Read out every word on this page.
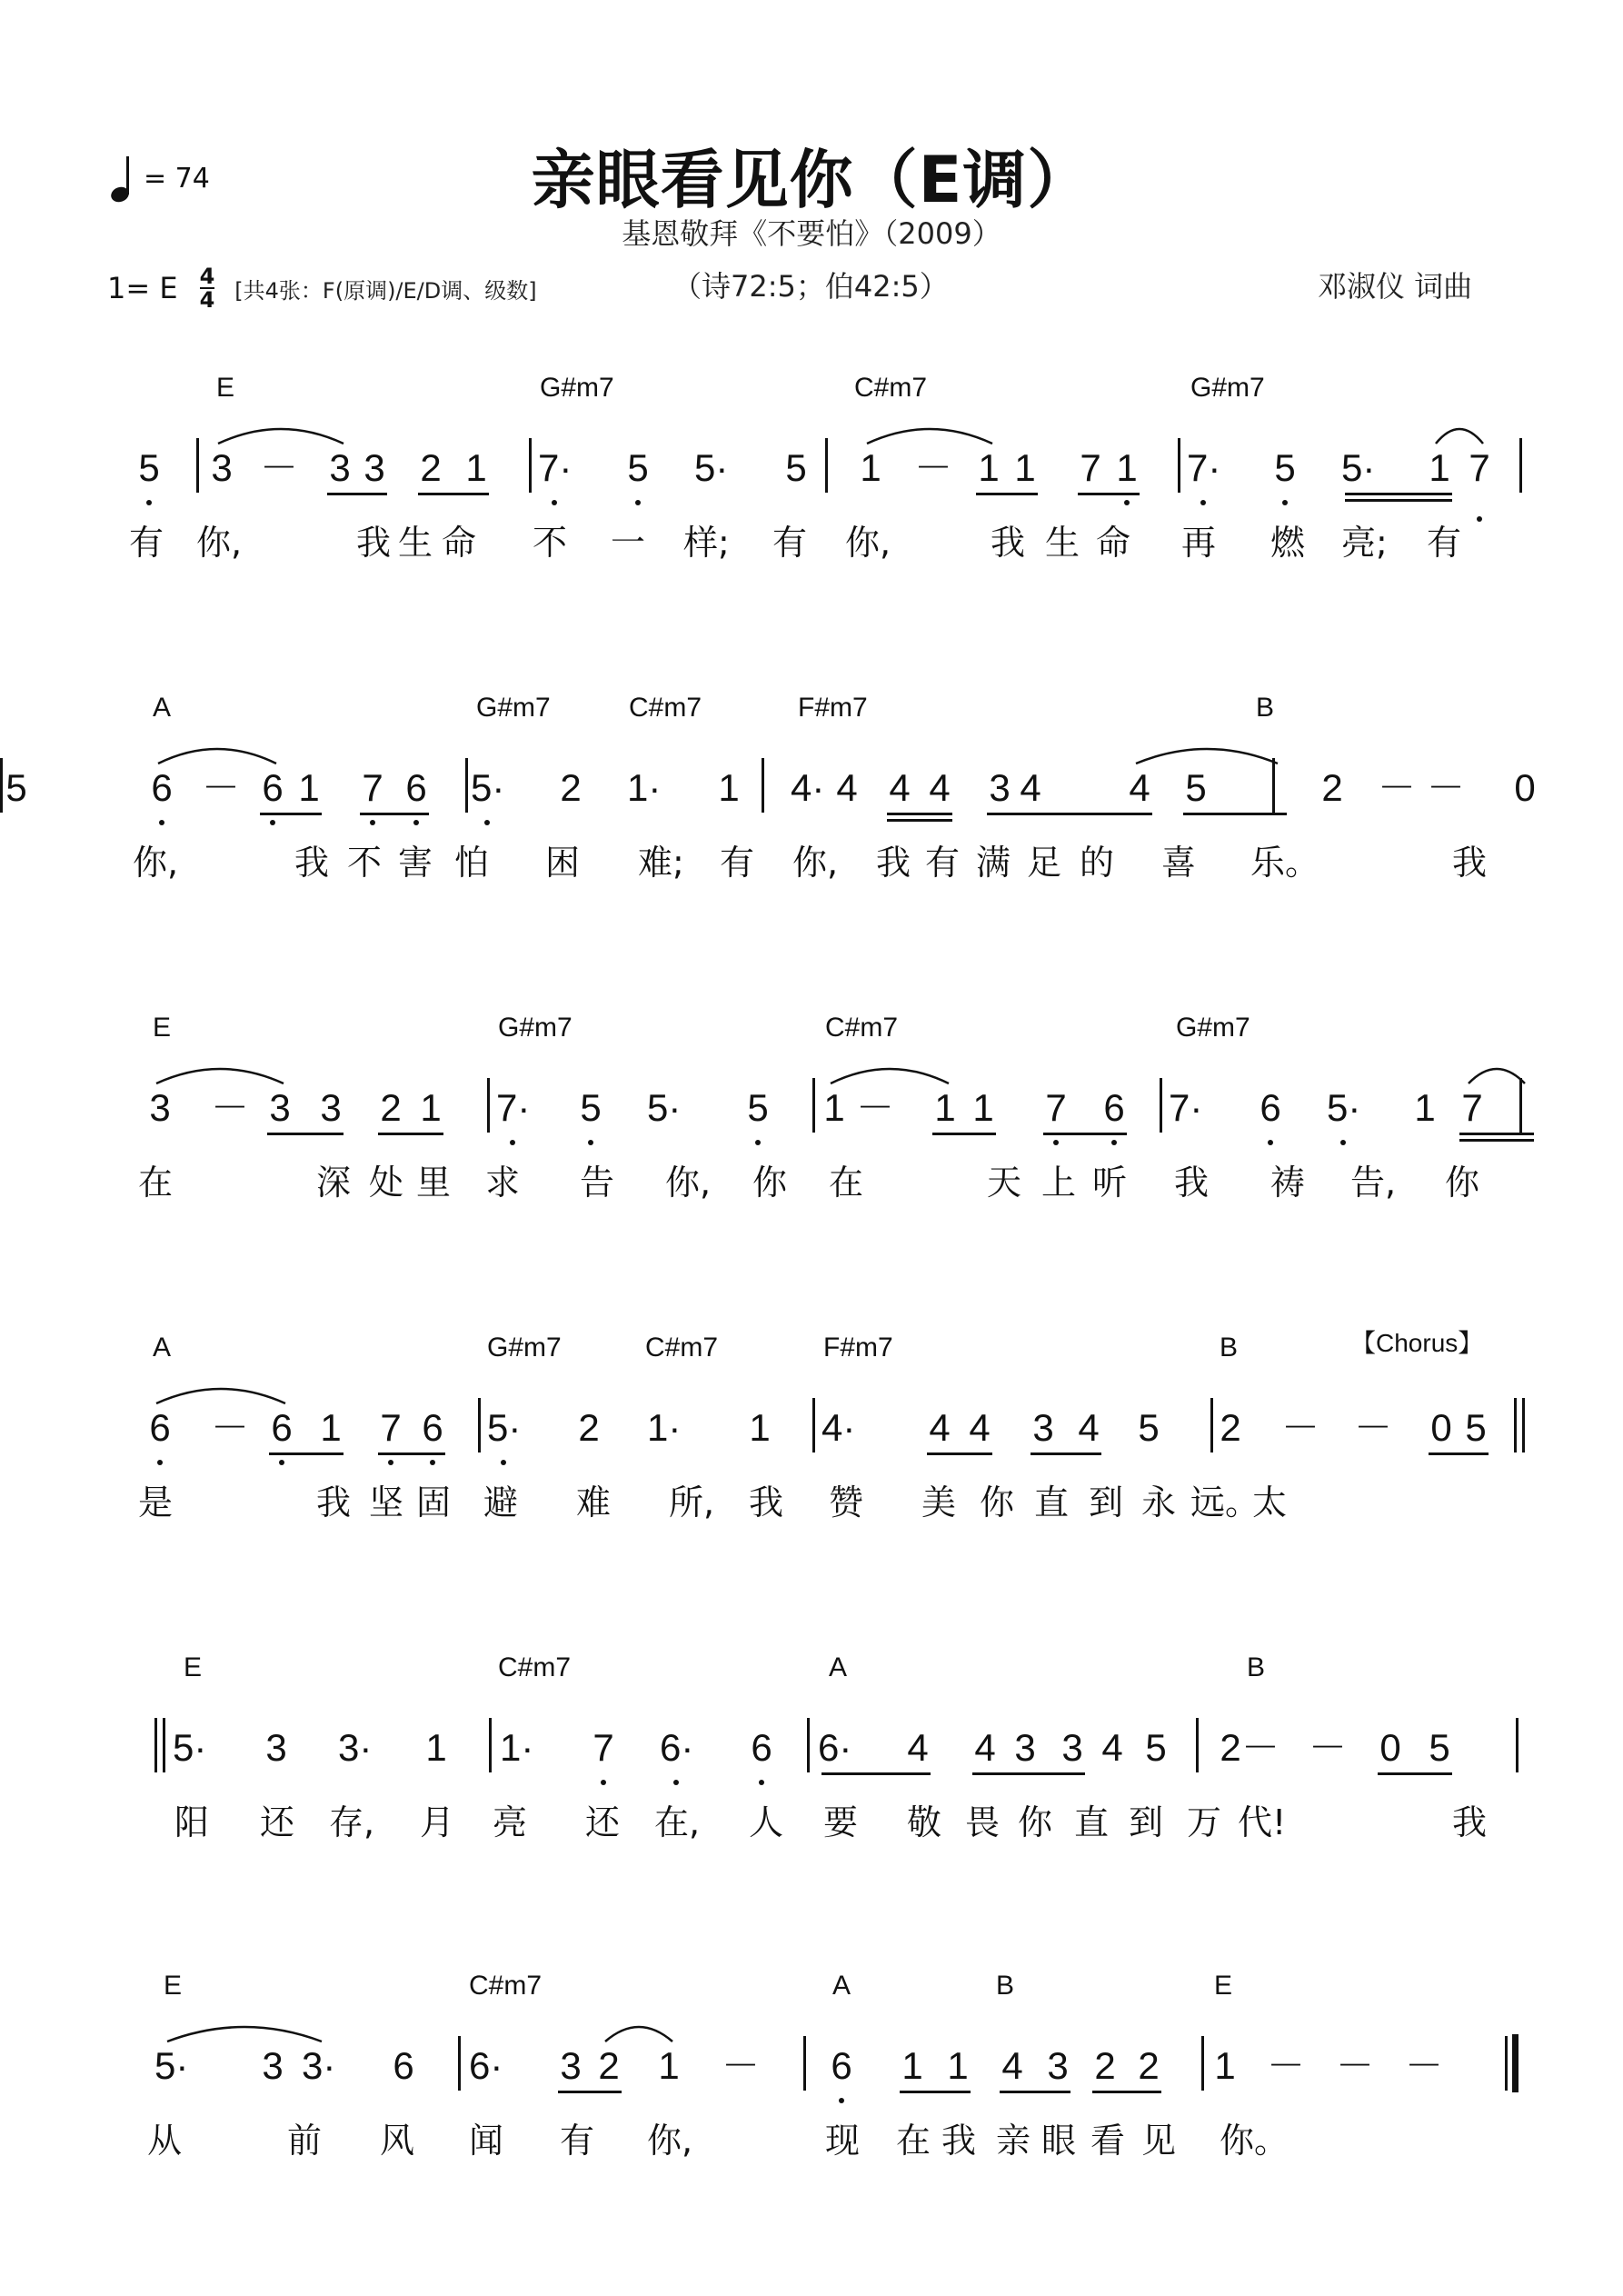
= 74	亲眼看见你（E调）
基恩敬拜《不要怕》（2009）
1= E 4
4 [共4张：F(原调)/E/D调、级数]	（诗72:5；伯42:5）	邓淑仪 词曲
E	G#m7	C#m7	G#m7
5 3 － 3 3 2 1 7· 5 5· 5 1 － 1 1 7 1 7· 5 5· 1 7
有 你,	我 生 命 不 一 样; 有 你,	我 生 命 再 燃 亮; 有
A	G#m7	C#m7	F#m7	B
6 － 6 1 7 6 5· 2 1· 1 4· 4 4 4 3 4 4 5	2 － － 0
5
你,	我 不 害 怕 困 难; 有 你, 我 有 满 足 的 喜 乐。	我
E	G#m7	C#m7	G#m7
3 － 3 3 2 1 7· 5 5· 5 1 － 1 1 7 6 7· 6 5· 1 7
在	深 处 里 求 告 你, 你 在	天 上 听 我 祷 告, 你
A	G#m7	C#m7	F#m7	B	【Chorus】
6 － 6 1 7 6 5· 2 1· 1 4· 4 4 3 4 5 2 － － 0 5
是	我 坚 固 避 难 所, 我 赞 美 你 直 到 永 远。
太
E	C#m7	A	B
5· 3 3· 1 1· 7 6· 6 6· 4 4 3 3 4 5 2 － － 0 5
阳 还 存, 月 亮 还 在, 人 要 敬 畏 你 直 到 万 代!	我
E	C#m7	A	B	E
5· 3 3· 6 6· 3 2 1 － 6 1 1 4 3 2 2 1 － － －
从	前 风 闻 有 你,	现 在 我 亲 眼 看 见 你。
